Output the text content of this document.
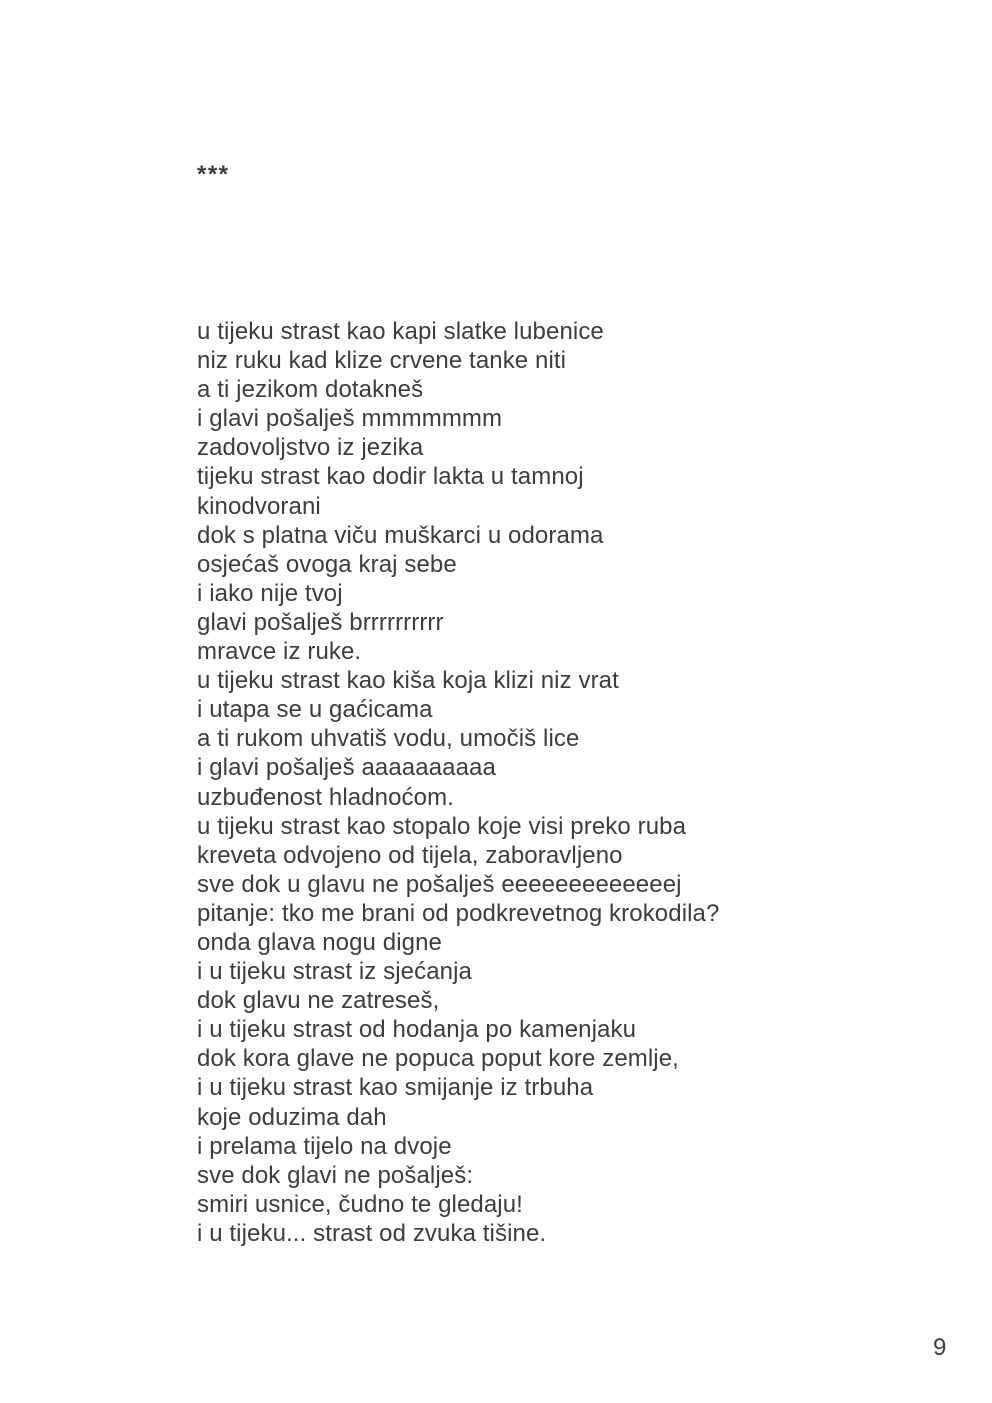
***
u tijeku strast kao kapi slatke lubenice
niz ruku kad klize crvene tanke niti
a ti jezikom dotakneš
i glavi pošalješ mmmmmmm
zadovoljstvo iz jezika
tijeku strast kao dodir lakta u tamnoj
kinodvorani
dok s platna viču muškarci u odorama
osjećaš ovoga kraj sebe
i iako nije tvoj
glavi pošalješ brrrrrrrrrr
mravce iz ruke.
u tijeku strast kao kiša koja klizi niz vrat
i utapa se u gaćicama
a ti rukom uhvatiš vodu, umočiš lice
i glavi pošalješ aaaaaaaaaa
uzbuđenost hladnoćom.
u tijeku strast kao stopalo koje visi preko ruba
kreveta odvojeno od tijela, zaboravljeno
sve dok u glavu ne pošalješ eeeeeeeeeeeeej
pitanje: tko me brani od podkrevetnog krokodila?
onda glava nogu digne
i u tijeku strast iz sjećanja
dok glavu ne zatreseš,
i u tijeku strast od hodanja po kamenjaku
dok kora glave ne popuca poput kore zemlje,
i u tijeku strast kao smijanje iz trbuha
koje oduzima dah
i prelama tijelo na dvoje
sve dok glavi ne pošalješ:
smiri usnice, čudno te gledaju!
i u tijeku... strast od zvuka tišine.
9
